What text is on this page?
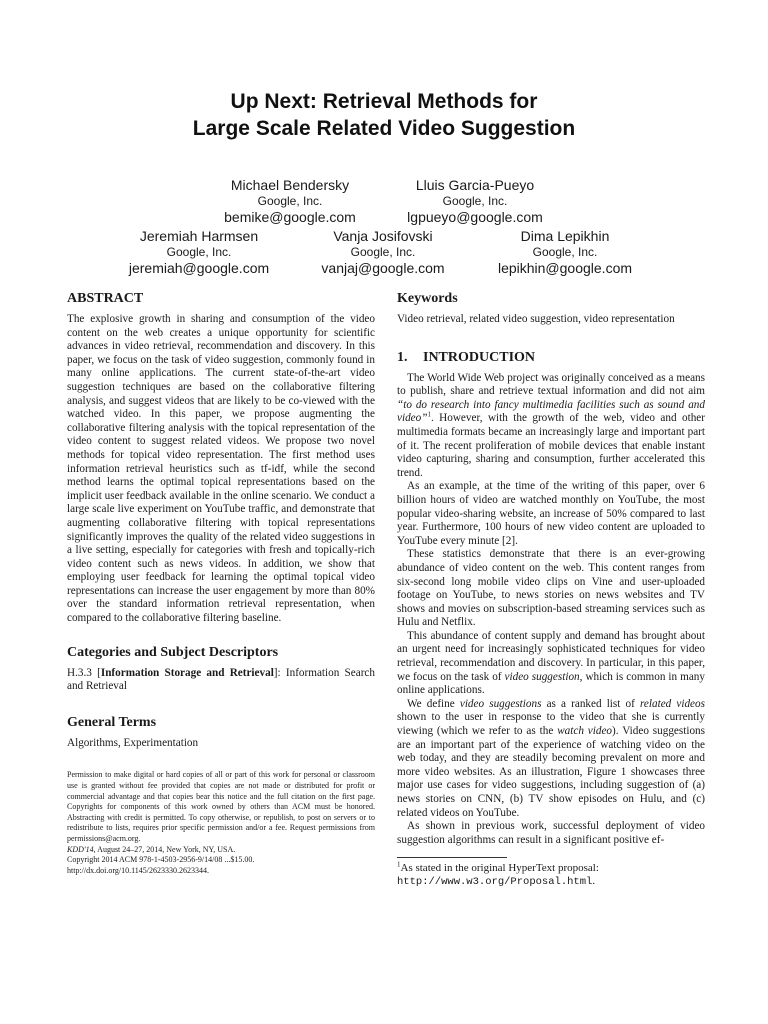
Up Next: Retrieval Methods for
Large Scale Related Video Suggestion
Michael Bendersky
Google, Inc.
bemike@google.com
Lluis Garcia-Pueyo
Google, Inc.
lgpueyo@google.com
Jeremiah Harmsen
Google, Inc.
jeremiah@google.com
Vanja Josifovski
Google, Inc.
vanjaj@google.com
Dima Lepikhin
Google, Inc.
lepikhin@google.com
ABSTRACT
The explosive growth in sharing and consumption of the video content on the web creates a unique opportunity for scientific advances in video retrieval, recommendation and discovery. In this paper, we focus on the task of video suggestion, commonly found in many online applications. The current state-of-the-art video suggestion techniques are based on the collaborative filtering analysis, and suggest videos that are likely to be co-viewed with the watched video. In this paper, we propose augmenting the collaborative filtering analysis with the topical representation of the video content to suggest related videos. We propose two novel methods for topical video representation. The first method uses information retrieval heuristics such as tf-idf, while the second method learns the optimal topical representations based on the implicit user feedback available in the online scenario. We conduct a large scale live experiment on YouTube traffic, and demonstrate that augmenting collaborative filtering with topical representations significantly improves the quality of the related video suggestions in a live setting, especially for categories with fresh and topically-rich video content such as news videos. In addition, we show that employing user feedback for learning the optimal topical video representations can increase the user engagement by more than 80% over the standard information retrieval representation, when compared to the collaborative filtering baseline.
Categories and Subject Descriptors
H.3.3 [Information Storage and Retrieval]: Information Search and Retrieval
General Terms
Algorithms, Experimentation

Permission to make digital or hard copies of all or part of this work for personal or classroom use is granted without fee provided that copies are not made or distributed for profit or commercial advantage and that copies bear this notice and the full citation on the first page. Copyrights for components of this work owned by others than ACM must be honored. Abstracting with credit is permitted. To copy otherwise, or republish, to post on servers or to redistribute to lists, requires prior specific permission and/or a fee. Request permissions from permissions@acm.org.

KDD'14, August 24–27, 2014, New York, NY, USA.

Copyright 2014 ACM 978-1-4503-2956-9/14/08 ...$15.00.

http://dx.doi.org/10.1145/2623330.2623344.

Keywords
Video retrieval, related video suggestion, video representation
1. INTRODUCTION

The World Wide Web project was originally conceived as a means to publish, share and retrieve textual information and did not aim “to do research into fancy multimedia facilities such as sound and video”$^1$. However, with the growth of the web, video and other multimedia formats became an increasingly large and important part of it. The recent proliferation of mobile devices that enable instant video capturing, sharing and consumption, further accelerated this trend.

As an example, at the time of the writing of this paper, over 6 billion hours of video are watched monthly on YouTube, the most popular video-sharing website, an increase of 50% compared to last year. Furthermore, 100 hours of new video content are uploaded to YouTube every minute [2].

These statistics demonstrate that there is an ever-growing abundance of video content on the web. This content ranges from six-second long mobile video clips on Vine and user-uploaded footage on YouTube, to news stories on news websites and TV shows and movies on subscription-based streaming services such as Hulu and Netflix.

This abundance of content supply and demand has brought about an urgent need for increasingly sophisticated techniques for video retrieval, recommendation and discovery. In particular, in this paper, we focus on the task of video suggestion, which is common in many online applications.

We define video suggestions as a ranked list of related videos shown to the user in response to the video that she is currently viewing (which we refer to as the watch video). Video suggestions are an important part of the experience of watching video on the web today, and they are steadily becoming prevalent on more and more video websites. As an illustration, Figure 1 showcases three major use cases for video suggestions, including suggestion of (a) news stories on CNN, (b) TV show episodes on Hulu, and (c) related videos on YouTube.

As shown in previous work, successful deployment of video suggestion algorithms can result in a significant positive ef-

$^1$As stated in the original HyperText proposal:
http://www.w3.org/Proposal.html.
